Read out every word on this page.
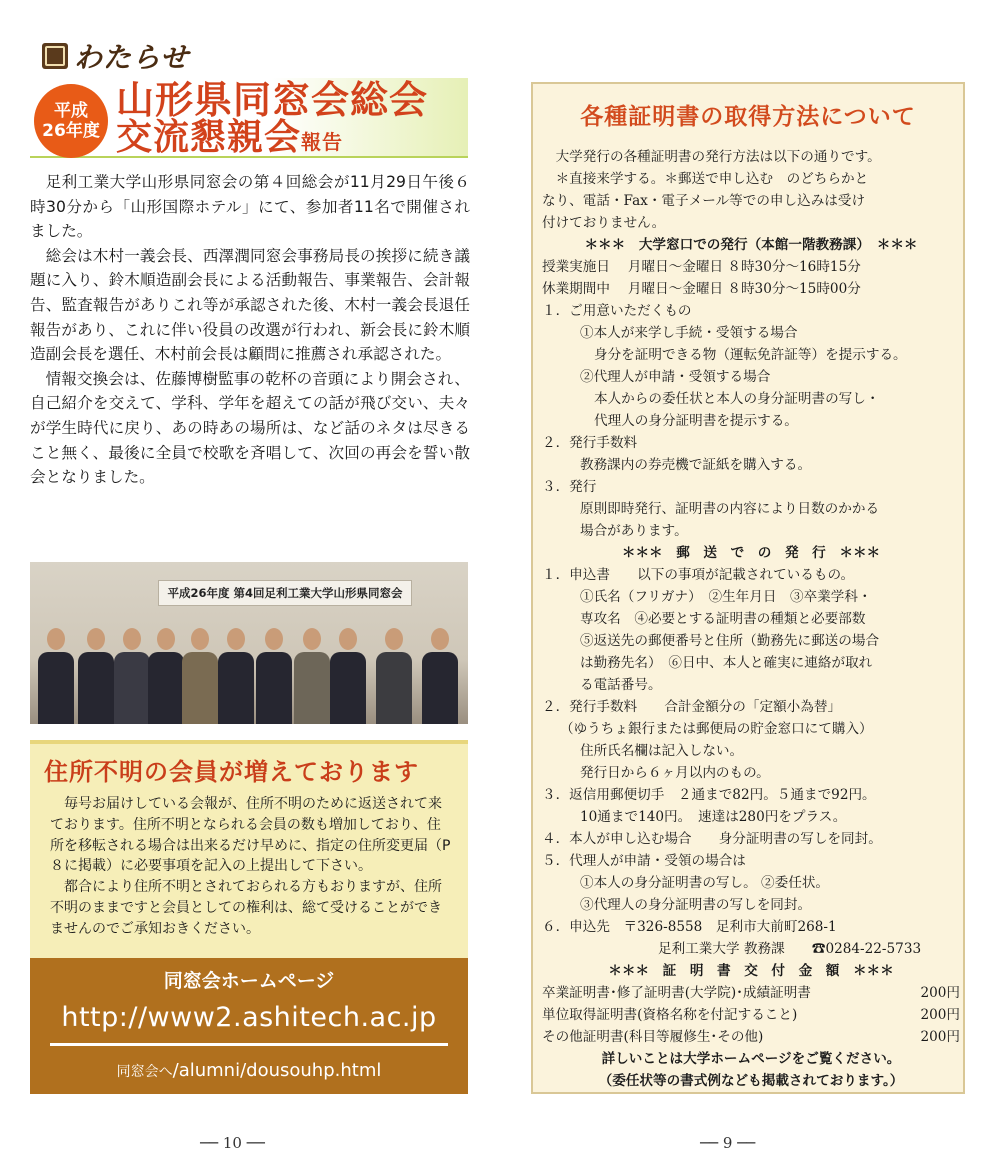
わたらせ
平成
26年度
山形県同窓会総会
交流懇親会報告

足利工業大学山形県同窓会の第４回総会が11月29日午後６時30分から「山形国際ホテル」にて、参加者11名で開催されました。

総会は木村一義会長、西澤潤同窓会事務局長の挨拶に続き議題に入り、鈴木順造副会長による活動報告、事業報告、会計報告、監査報告がありこれ等が承認された後、木村一義会長退任報告があり、これに伴い役員の改選が行われ、新会長に鈴木順造副会長を選任、木村前会長は顧問に推薦され承認された。

情報交換会は、佐藤博樹監事の乾杯の音頭により開会され、自己紹介を交えて、学科、学年を超えての話が飛び交い、夫々が学生時代に戻り、あの時あの場所は、など話のネタは尽きること無く、最後に全員で校歌を斉唱して、次回の再会を誓い散会となりました。

平成26年度 第4回足利工業大学山形県同窓会
住所不明の会員が増えております

毎号お届けしている会報が、住所不明のために返送されて来ております。住所不明となられる会員の数も増加しており、住所を移転される場合は出来るだけ早めに、指定の住所変更届（P８に掲載）に必要事項を記入の上提出して下さい。

都合により住所不明とされておられる方もおりますが、住所不明のままですと会員としての権利は、総て受けることができませんのでご承知おきください。

同窓会ホームページ
http://www2.ashitech.ac.jp
同窓会へ/alumni/dousouhp.html
── 10 ──
各種証明書の取得方法について
　大学発行の各種証明書の発行方法は以下の通りです。
　＊直接来学する。＊郵送で申し込む　のどちらかと
なり、電話・Fax・電子メール等での申し込みは受け
付けておりません。
＊＊＊　大学窓口での発行（本館一階教務課）　＊＊＊
授業実施日　 月曜日～金曜日 ８時30分～16時15分
休業期間中　 月曜日～金曜日 ８時30分～15時00分
１．ご用意いただくもの
①本人が来学し手続・受領する場合
身分を証明できる物（運転免許証等）を提示する。
②代理人が申請・受領する場合
本人からの委任状と本人の身分証明書の写し・
代理人の身分証明書を提示する。
２．発行手数料
教務課内の券売機で証紙を購入する。
３．発行
原則即時発行、証明書の内容により日数のかかる
場合があります。
＊＊＊　郵　送　で　の　発　行　＊＊＊
１．申込書　　以下の事項が記載されているもの。
①氏名（フリガナ）　②生年月日　③卒業学科・
専攻名　④必要とする証明書の種類と必要部数
⑤返送先の郵便番号と住所（勤務先に郵送の場合
は勤務先名）　⑥日中、本人と確実に連絡が取れ
る電話番号。
２．発行手数料　　合計金額分の「定額小為替」
（ゆうちょ銀行または郵便局の貯金窓口にて購入）
住所氏名欄は記入しない。
発行日から６ヶ月以内のもの。
３．返信用郵便切手　２通まで82円。５通まで92円。
10通まで140円。　速達は280円をプラス。
４．本人が申し込む場合　　身分証明書の写しを同封。
５．代理人が申請・受領の場合は
①本人の身分証明書の写し。 ②委任状。
③代理人の身分証明書の写しを同封。
６．申込先　〒326-8558　足利市大前町268-1
足利工業大学 教務課　　☎0284-22-5733
＊＊＊　証　明　書　交　付　金　額　＊＊＊
卒業証明書･修了証明書(大学院)･成績証明書	200円
単位取得証明書(資格名称を付記すること)	200円
その他証明書(科目等履修生･その他)	200円
詳しいことは大学ホームページをご覧ください。
（委任状等の書式例なども掲載されております。）
── 9 ──
